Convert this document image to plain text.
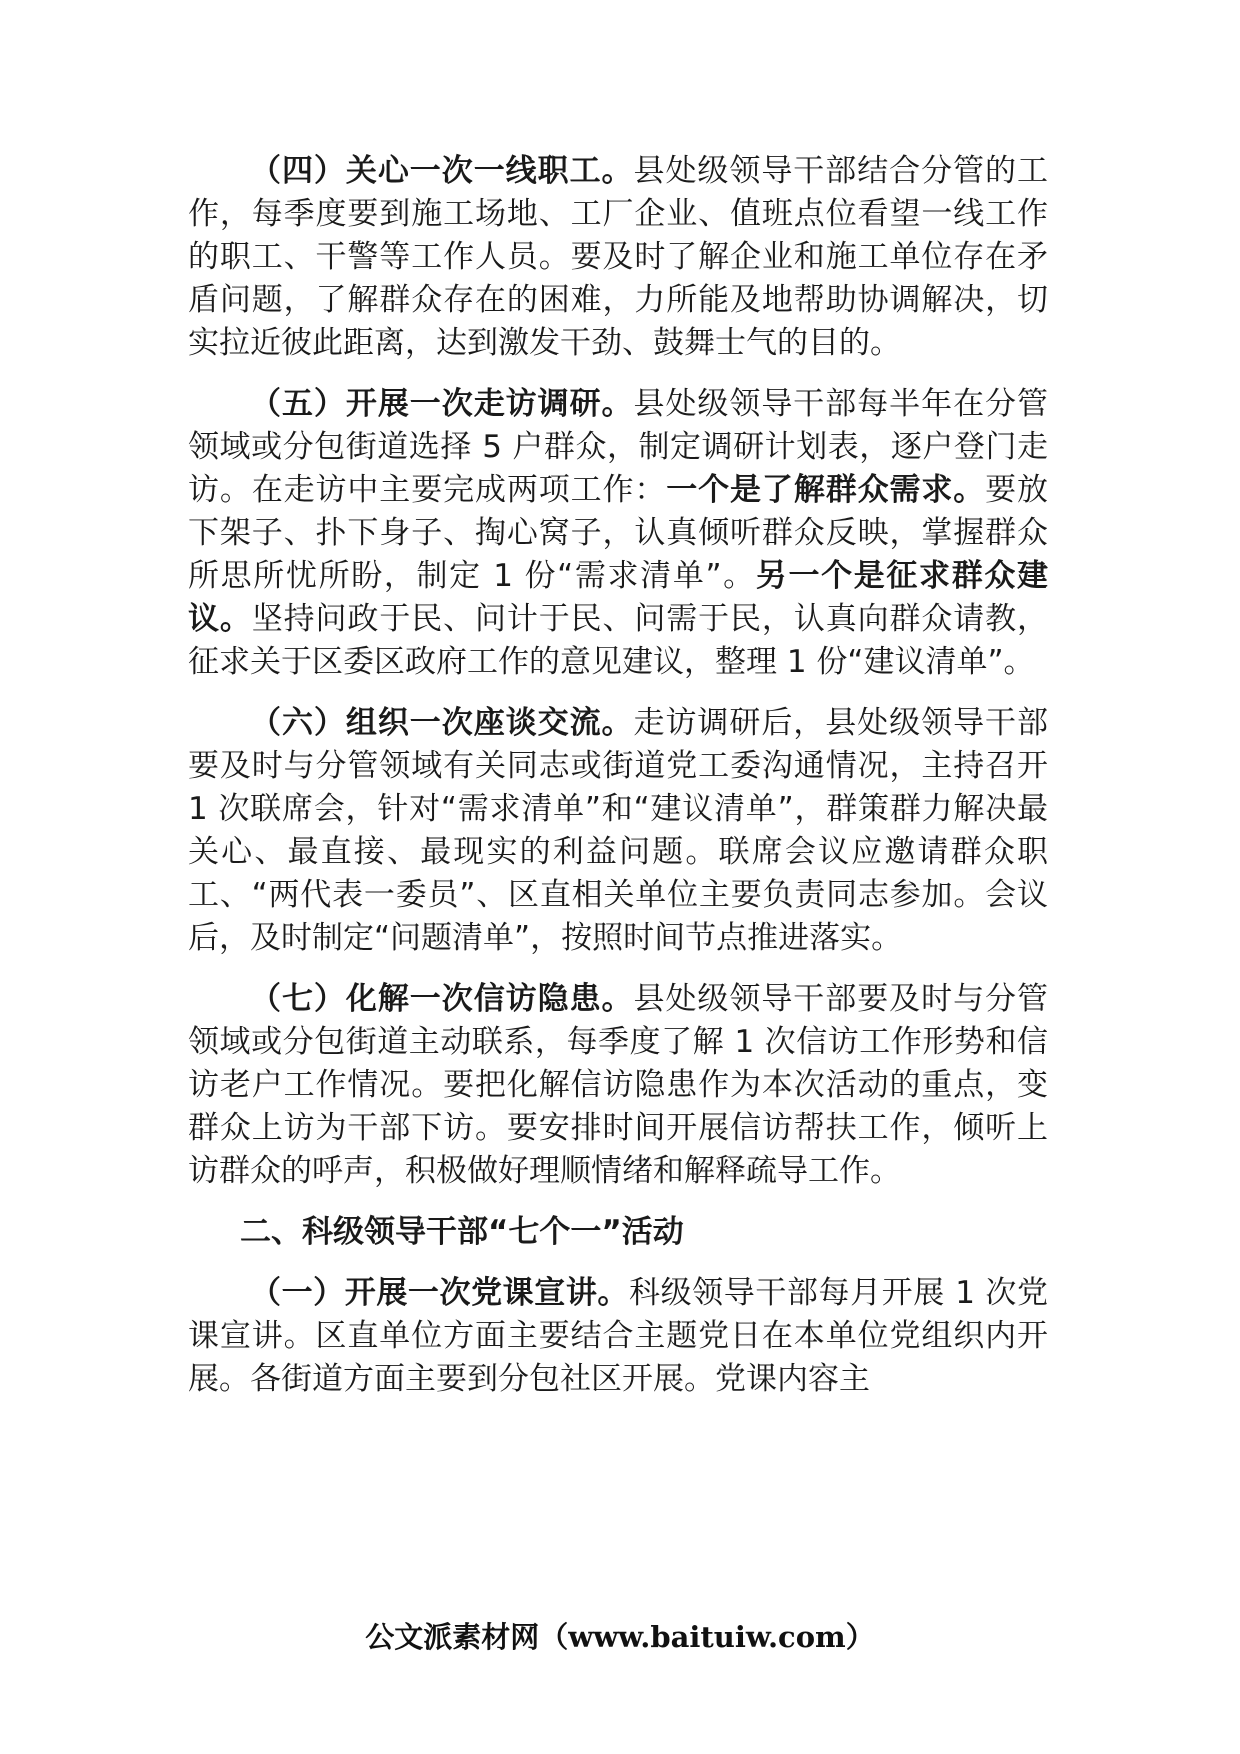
（四）关心一次一线职工。县处级领导干部结合分管的工作，每季度要到施工场地、工厂企业、值班点位看望一线工作的职工、干警等工作人员。要及时了解企业和施工单位存在矛盾问题，了解群众存在的困难，力所能及地帮助协调解决，切实拉近彼此距离，达到激发干劲、鼓舞士气的目的。

（五）开展一次走访调研。县处级领导干部每半年在分管领域或分包街道选择 5 户群众，制定调研计划表，逐户登门走访。在走访中主要完成两项工作：一个是了解群众需求。要放下架子、扑下身子、掏心窝子，认真倾听群众反映，掌握群众所思所忧所盼，制定 1 份“需求清单”。另一个是征求群众建议。坚持问政于民、问计于民、问需于民，认真向群众请教，征求关于区委区政府工作的意见建议，整理 1 份“建议清单”。

（六）组织一次座谈交流。走访调研后，县处级领导干部要及时与分管领域有关同志或街道党工委沟通情况，主持召开 1 次联席会，针对“需求清单”和“建议清单”，群策群力解决最关心、最直接、最现实的利益问题。联席会议应邀请群众职工、“两代表一委员”、区直相关单位主要负责同志参加。会议后，及时制定“问题清单”，按照时间节点推进落实。

（七）化解一次信访隐患。县处级领导干部要及时与分管领域或分包街道主动联系，每季度了解 1 次信访工作形势和信访老户工作情况。要把化解信访隐患作为本次活动的重点，变群众上访为干部下访。要安排时间开展信访帮扶工作，倾听上访群众的呼声，积极做好理顺情绪和解释疏导工作。

二、科级领导干部“七个一”活动

（一）开展一次党课宣讲。科级领导干部每月开展 1 次党课宣讲。区直单位方面主要结合主题党日在本单位党组织内开展。各街道方面主要到分包社区开展。党课内容主

公文派素材网（www.baituiw.com）
